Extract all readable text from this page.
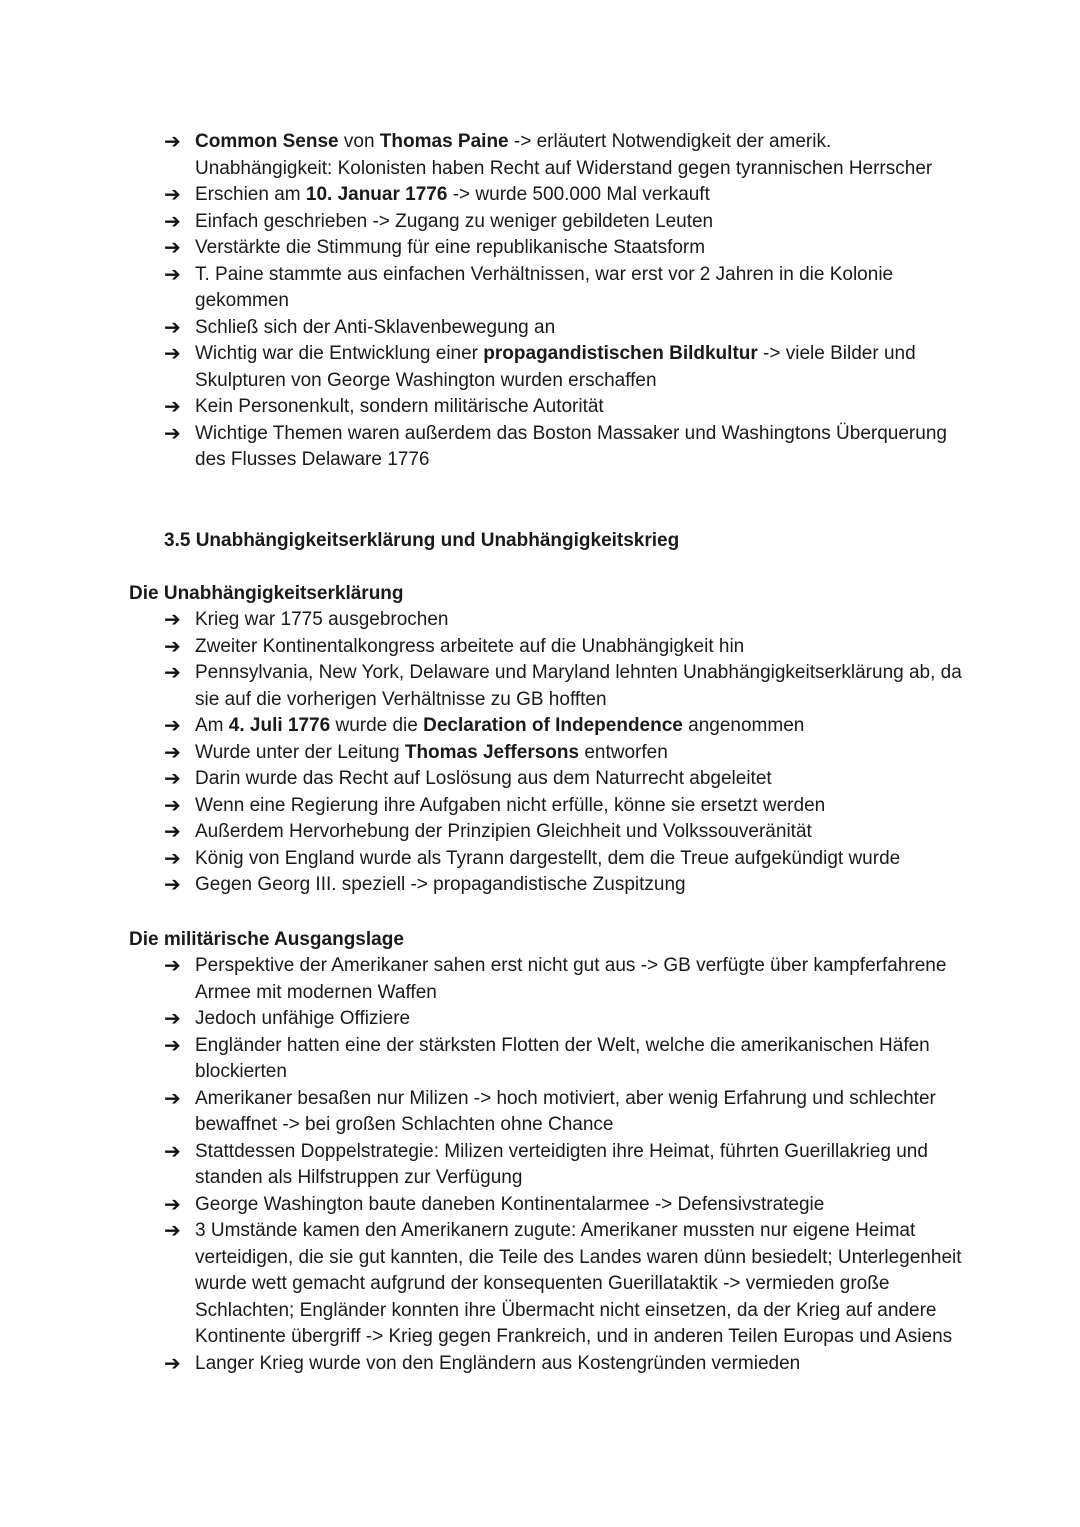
➔ Common Sense von Thomas Paine -> erläutert Notwendigkeit der amerik. Unabhängigkeit: Kolonisten haben Recht auf Widerstand gegen tyrannischen Herrscher
➔ Erschien am 10. Januar 1776 -> wurde 500.000 Mal verkauft
➔ Einfach geschrieben -> Zugang zu weniger gebildeten Leuten
➔ Verstärkte die Stimmung für eine republikanische Staatsform
➔ T. Paine stammte aus einfachen Verhältnissen, war erst vor 2 Jahren in die Kolonie gekommen
➔ Schließ sich der Anti-Sklavenbewegung an
➔ Wichtig war die Entwicklung einer propagandistischen Bildkultur -> viele Bilder und Skulpturen von George Washington wurden erschaffen
➔ Kein Personenkult, sondern militärische Autorität
➔ Wichtige Themen waren außerdem das Boston Massaker und Washingtons Überquerung des Flusses Delaware 1776
3.5 Unabhängigkeitserklärung und Unabhängigkeitskrieg
Die Unabhängigkeitserklärung
➔ Krieg war 1775 ausgebrochen
➔ Zweiter Kontinentalkongress arbeitete auf die Unabhängigkeit hin
➔ Pennsylvania, New York, Delaware und Maryland lehnten Unabhängigkeitserklärung ab, da sie auf die vorherigen Verhältnisse zu GB hofften
➔ Am 4. Juli 1776 wurde die Declaration of Independence angenommen
➔ Wurde unter der Leitung Thomas Jeffersons entworfen
➔ Darin wurde das Recht auf Loslösung aus dem Naturrecht abgeleitet
➔ Wenn eine Regierung ihre Aufgaben nicht erfülle, könne sie ersetzt werden
➔ Außerdem Hervorhebung der Prinzipien Gleichheit und Volkssouveränität
➔ König von England wurde als Tyrann dargestellt, dem die Treue aufgekündigt wurde
➔ Gegen Georg III. speziell -> propagandistische Zuspitzung
Die militärische Ausgangslage
➔ Perspektive der Amerikaner sahen erst nicht gut aus -> GB verfügte über kampferfahrene Armee mit modernen Waffen
➔ Jedoch unfähige Offiziere
➔ Engländer hatten eine der stärksten Flotten der Welt, welche die amerikanischen Häfen blockierten
➔ Amerikaner besaßen nur Milizen -> hoch motiviert, aber wenig Erfahrung und schlechter bewaffnet -> bei großen Schlachten ohne Chance
➔ Stattdessen Doppelstrategie: Milizen verteidigten ihre Heimat, führten Guerillakrieg und standen als Hilfstruppen zur Verfügung
➔ George Washington baute daneben Kontinentalarmee -> Defensivstrategie
➔ 3 Umstände kamen den Amerikanern zugute: Amerikaner mussten nur eigene Heimat verteidigen, die sie gut kannten, die Teile des Landes waren dünn besiedelt; Unterlegenheit wurde wett gemacht aufgrund der konsequenten Guerillataktik -> vermieden große Schlachten; Engländer konnten ihre Übermacht nicht einsetzen, da der Krieg auf andere Kontinente übergriff -> Krieg gegen Frankreich, und in anderen Teilen Europas und Asiens
➔ Langer Krieg wurde von den Engländern aus Kostengründen vermieden
